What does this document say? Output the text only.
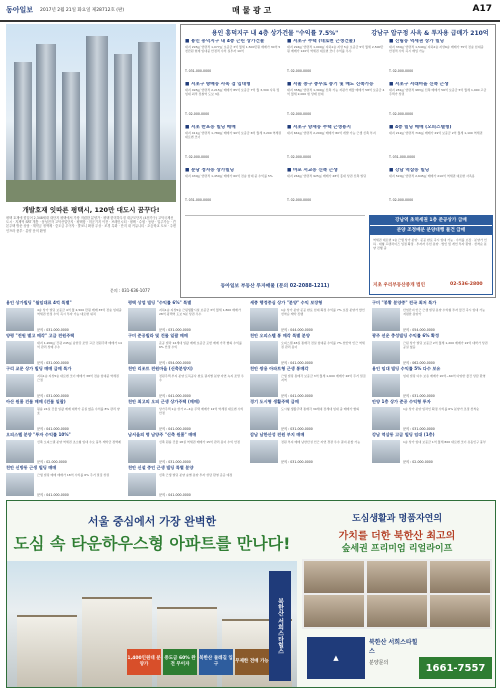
동아일보 2017년 2월 21일 화요일 제28712호 (판)	매 물 광 고	A17
개발호재 잇따른 평택시, 120만 대도시 꿈꾸다!
평택 호재에 힘입어 2,348세대 대단지 평택에서 가장 저렴한 분양가 · 평택 한미하우징 대규모단지 (4천가구) 고덕국제신도시 · 지제역 SRT 개통 · 삼성전자 고덕산업단지 · 평택항 · 미군기지 이전 · 브레인시티 · 평택 · 수원 · 동탄 · 입주가능 · 견본주택 방문 상담 · 계약금 정액제 · 중도금 무이자 · 발코니 확장 무상 · 조경 특화 · 단지 내 커뮤니티 · 초등학교 도보 · 주변 인프라 풍부 · 분양 문의 환영
문의 : 031-636-1077
용인 흥덕지구 내 4층 상가건물 "수익률 7.5%"	강남구 압구정 사옥 & 투자용 급매가 210억
■ 용인 흥덕지구 내 4층 근린 상가건물
대지 295㎡ 연면적 1,077㎡ 보증금 3억 월세 1,500만원 매매가 30억 5천만원 현재 임대중 안정적 수익 실투자 10억
T. 031-000-0000
■ 서초구 주택 (대로변 근생건물)
대지 294㎡ 연면적 1,000㎡ 지하1층 지상 5층 보증금 5억 월세 2,500만원 매매가 120억 역세권 대로변 코너 수익률 우수
T. 02-000-0000
■ 신림동 역세권 상가 빌딩
대지 330㎡ 연면적 1,540㎡ 지하2층 지상6층 매매가 75억 전층 임대중 안정적 수익 즉시 매입 가능
T. 02-000-0000
■ 서초구 방배동 사옥 겸 임대형
대지 495㎡ 연면적 2,215㎡ 매매가 85억 보증금 7억 월 3,300 사옥 및 임대 최적 전철역 도보 3분
T. 02-000-0000
■ 서울 중구 충무로 중기 및 매도 신축가능
대지 358㎡ 연면적 1,300㎡ 신축 가능 저평가 매물 매매가 58억 보증금 4억 월세 2,000 현 상태 임대
T. 02-000-0000
■ 서초구 서래마을 신축 근생
대지 281㎡ 연면적 983㎡ 신축 매매가 56억 보증금 5억 월세 1,900 고급 주택가 상권
T. 02-000-0000
■ 서초 반포동 빌딩 매매
대지 411㎡ 연면적 1,789㎡ 매매가 90억 보증금 6억 월세 3,200 역세권 대로변 코너
T. 02-000-0000
■ 서초구 양재동 주택 근생용지
대지 661㎡ 연면적 2,200㎡ 매매가 80억 개발 가능 근생 신축 부지
T. 02-000-0000
■ 4층 빌딩 매매 (오피스텔형)
대지 212㎡ 연면적 716㎡ 매매가 29억 보증금 2억 월세 1,100 역세권
T. 031-000-0000
■ 분당 정자동 상가빌딩
대지 430㎡ 연면적 1,450㎡ 매매가 60억 전층 임대 중 수익률 5%
T. 031-000-0000
■ 마포 서교동 신축 근생
대지 264㎡ 연면적 925㎡ 매매가 48억 홍대 상권 신축 빌딩
T. 02-000-0000
■ 강남 역삼동 빌딩
대지 520㎡ 연면적 2,645㎡ 매매가 210억 역세권 대로변 사옥용
T. 02-000-0000
동아일보 부동산 투자매물 (문의 02-2088-1211)
강남역 초역세권 1층 준공상가 급매
분양 조정배분 분양대행 물건 급매
역세권 대로변 1층 근생 상가 분양 · 준공 완료 즉시 임대 가능 · 수익률 보장 · 분양가 인하 · 대형 프랜차이즈 입점 확정 · 투자자 우선 분양 · 법인 및 개인 투자 환영 · 선착순 분양 진행 중
지초 우리부동산중개 법인	02-536-2800
용인 상가빌딩 "월임대료 4억 특별"
4층 상가 빌딩 보증금 4억 월 2,500 만원 매매 35억 전층 임대중 역세권 안정 수익 즉시 투자 가능 대로변 위치
문의 : 031-000-0000
평택 상업 빌딩 "수익률 6%" 특별
지하1층 지상5층 근린생활시설 보증금 3억 월세 1,800 매매가 28억 평택역 도보 5분 상권 우수
문의 : 031-000-0000
세종 행정중심 상가 "분양" 수익 보장형
1층 상가 분양 준공 완료 임대 확정 수익률 7% 보장 분양가 할인 선착순 계약 진행
문의 : 044-000-0000
구미 "봉황 분양중" 전국 최저 특가
산업단지 인근 근생 빌딩 분양 수익형 투자 물건 즉시 임대 가능 저렴한 분양가
문의 : 054-000-0000
양평 "전원 별고 매각" 고급 전원주택
대지 1,200㎡ 건평 245㎡ 남한강 조망 고급 전원주택 매매가 14억 관리 상태 우수
문의 : 031-000-0000
구미 준공빌라 및 건물 일괄 매매
준공 빌라 12세대 일괄 매매 보증금 포함 매매 가격 협의 수익률 6% 안정 수익
문의 : 054-000-0000
천안 오피스텔 통 매각 특별 분양
오피스텔 48실 통매각 전실 임대중 수익률 7% 천안역 인근 역세권 관리 용이
문의 : 041-000-0000
광주 선운 충성빌딩 수익률 6% 확정
근린 상가 빌딩 보증금 2억 월세 1,200 매매가 22억 대학가 상권 공실 없음
문의 : 062-000-0000
구리 교문 상가 빌딩 매매 급매 특가
지하1층 지상5층 대로변 코너 매매가 38억 전층 임대중 역세권 근접
문의 : 031-000-0000
천안 리조트 전원마을 (신축분양지)
전원주택 부지 분양 토목공사 완료 필지별 분양 자연 녹지 조망 우수
문의 : 041-000-0000
천안 쌍용 아파트형 근생 통매각
근생 빌딩 통매각 보증금 3억 월세 1,600 매매가 26억 주거 밀집지역
문의 : 041-000-0000
용인 임대 빌딩 수익률 5% 다수 보유
임대 빌딩 다수 보유 매매가 20억~60억 다양한 물건 상담 환영
문의 : 031-000-0000
아산 원룸 건물 매매 (건물 일괄)
원룸 24실 건물 일괄 매매 대학가 공실 없음 수익률 8% 관리 양호
문의 : 041-000-0000
천안 최고의 오피 근생 상가주택 (매매)
상가주택 1층 상가 2~4층 주택 매매가 12억 역세권 대로변 수익 안정
문의 : 041-000-0000
경기 도시형 생활주택 급매
도시형 생활주택 통매각 30세대 전세대 임대 중 매매가 협의
문의 : 031-000-0000
안양 1층 상가 준공 수익형 투자
1층 상가 분양 임차인 확정 수익률 6% 분양가 조정 선착순
문의 : 031-000-0000
오피스텔 분양 "투자 수익률 10%"
신축 오피스텔 분양 역세권 초소형 임대 수요 풍부 계약금 정액제
문의 : 02-000-0000
남서울의 명 남양주 "신축 원룸" 매매
신축 원룸 건물 18실 역세권 매매가 15억 관리 용이 수익 안정
문의 : 031-000-0000
감남 남한산성 전원 부지 매매
전원 부지 매매 남한산성 인근 자연 경관 우수 필지 분할 가능
문의 : 031-000-0000
강남 역삼동 고급 빌딩 임대 (1층)
1층 상가 임대 보증금 1억 월세 800 대로변 코너 유동인구 풍부
문의 : 02-000-0000
천안 신방동 근생 빌딩 매매
근생 빌딩 매매 매매가 18억 수익률 6% 주거 밀집 상권
문의 : 041-000-0000
천안 신설 중인 근생 빌딩 특별 분양
신축 근생 빌딩 분양 층별 분양 투자 상담 환영 준공 예정
문의 : 041-000-0000
서울 중심에서 가장 완벽한
도심 속 타운하우스형 아파트를 만나다!
도심생활과 명품자연의
가치를 더한 북한산 최고의
숲세권 프리미엄 리얼라이프
북한산 서희스타힐스
1,400인원대 분양가
중도금 60% 완전 무이자
북한산 둘레길 입구
무제한 전매 가능	▲
북한산 서희스타힐스
분양문의	1661-7557
